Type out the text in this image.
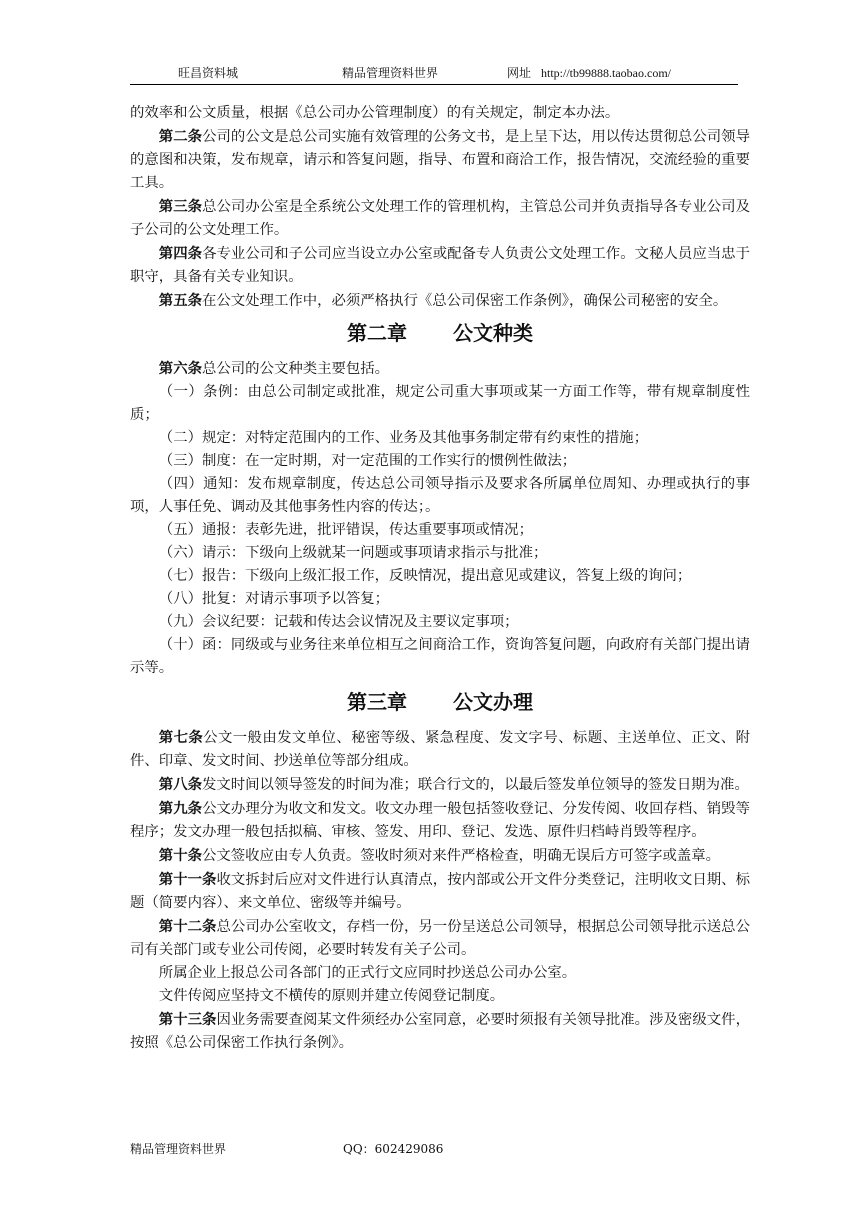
旺昌资料城	精品管理资料世界	网址 http://tb99888.taobao.com/

的效率和公文质量，根据《总公司办公管理制度）的有关规定，制定本办法。

第二条公司的公文是总公司实施有效管理的公务文书，是上呈下达，用以传达贯彻总公司领导的意图和决策，发布规章，请示和答复问题，指导、布置和商洽工作，报告情况，交流经验的重要工具。

第三条总公司办公室是全系统公文处理工作的管理机构，主管总公司并负责指导各专业公司及子公司的公文处理工作。

第四条各专业公司和子公司应当设立办公室或配备专人负责公文处理工作。文秘人员应当忠于职守，具备有关专业知识。

第五条在公文处理工作中，必须严格执行《总公司保密工作条例》，确保公司秘密的安全。

第二章 公文种类

第六条总公司的公文种类主要包括。

（一）条例：由总公司制定或批准，规定公司重大事项或某一方面工作等，带有规章制度性质；

（二）规定：对特定范围内的工作、业务及其他事务制定带有约束性的措施；

（三）制度：在一定时期，对一定范围的工作实行的惯例性做法；

（四）通知：发布规章制度，传达总公司领导指示及要求各所属单位周知、办理或执行的事项，人事任免、调动及其他事务性内容的传达；。

（五）通报：表彰先进，批评错误，传达重要事项或情况；

（六）请示：下级向上级就某一问题或事项请求指示与批准；

（七）报告：下级向上级汇报工作，反映情况，提出意见或建议，答复上级的询问；

（八）批复：对请示事项予以答复；

（九）会议纪要：记载和传达会议情况及主要议定事项；

（十）函：同级或与业务往来单位相互之间商洽工作，资询答复问题，向政府有关部门提出请示等。

第三章 公文办理

第七条公文一般由发文单位、秘密等级、紧急程度、发文字号、标题、主送单位、正文、附件、印章、发文时间、抄送单位等部分组成。

第八条发文时间以领导签发的时间为准；联合行文的，以最后签发单位领导的签发日期为准。

第九条公文办理分为收文和发文。收文办理一般包括签收登记、分发传阅、收回存档、销毁等程序；发文办理一般包括拟稿、审核、签发、用印、登记、发选、原件归档峙肖毁等程序。

第十条公文签收应由专人负责。签收时须对来件严格检查，明确无误后方可签字或盖章。

第十一条收文拆封后应对文件进行认真清点，按内部或公开文件分类登记，注明收文日期、标题（简要内容）、来文单位、密级等并编号。

第十二条总公司办公室收文，存档一份，另一份呈送总公司领导，根据总公司领导批示送总公司有关部门或专业公司传阅，必要时转发有关子公司。

所属企业上报总公司各部门的正式行文应同时抄送总公司办公室。

文件传阅应坚持文不横传的原则并建立传阅登记制度。

第十三条因业务需要查阅某文件须经办公室同意，必要时须报有关领导批准。涉及密级文件，按照《总公司保密工作执行条例》。

精品管理资料世界	QQ：602429086
